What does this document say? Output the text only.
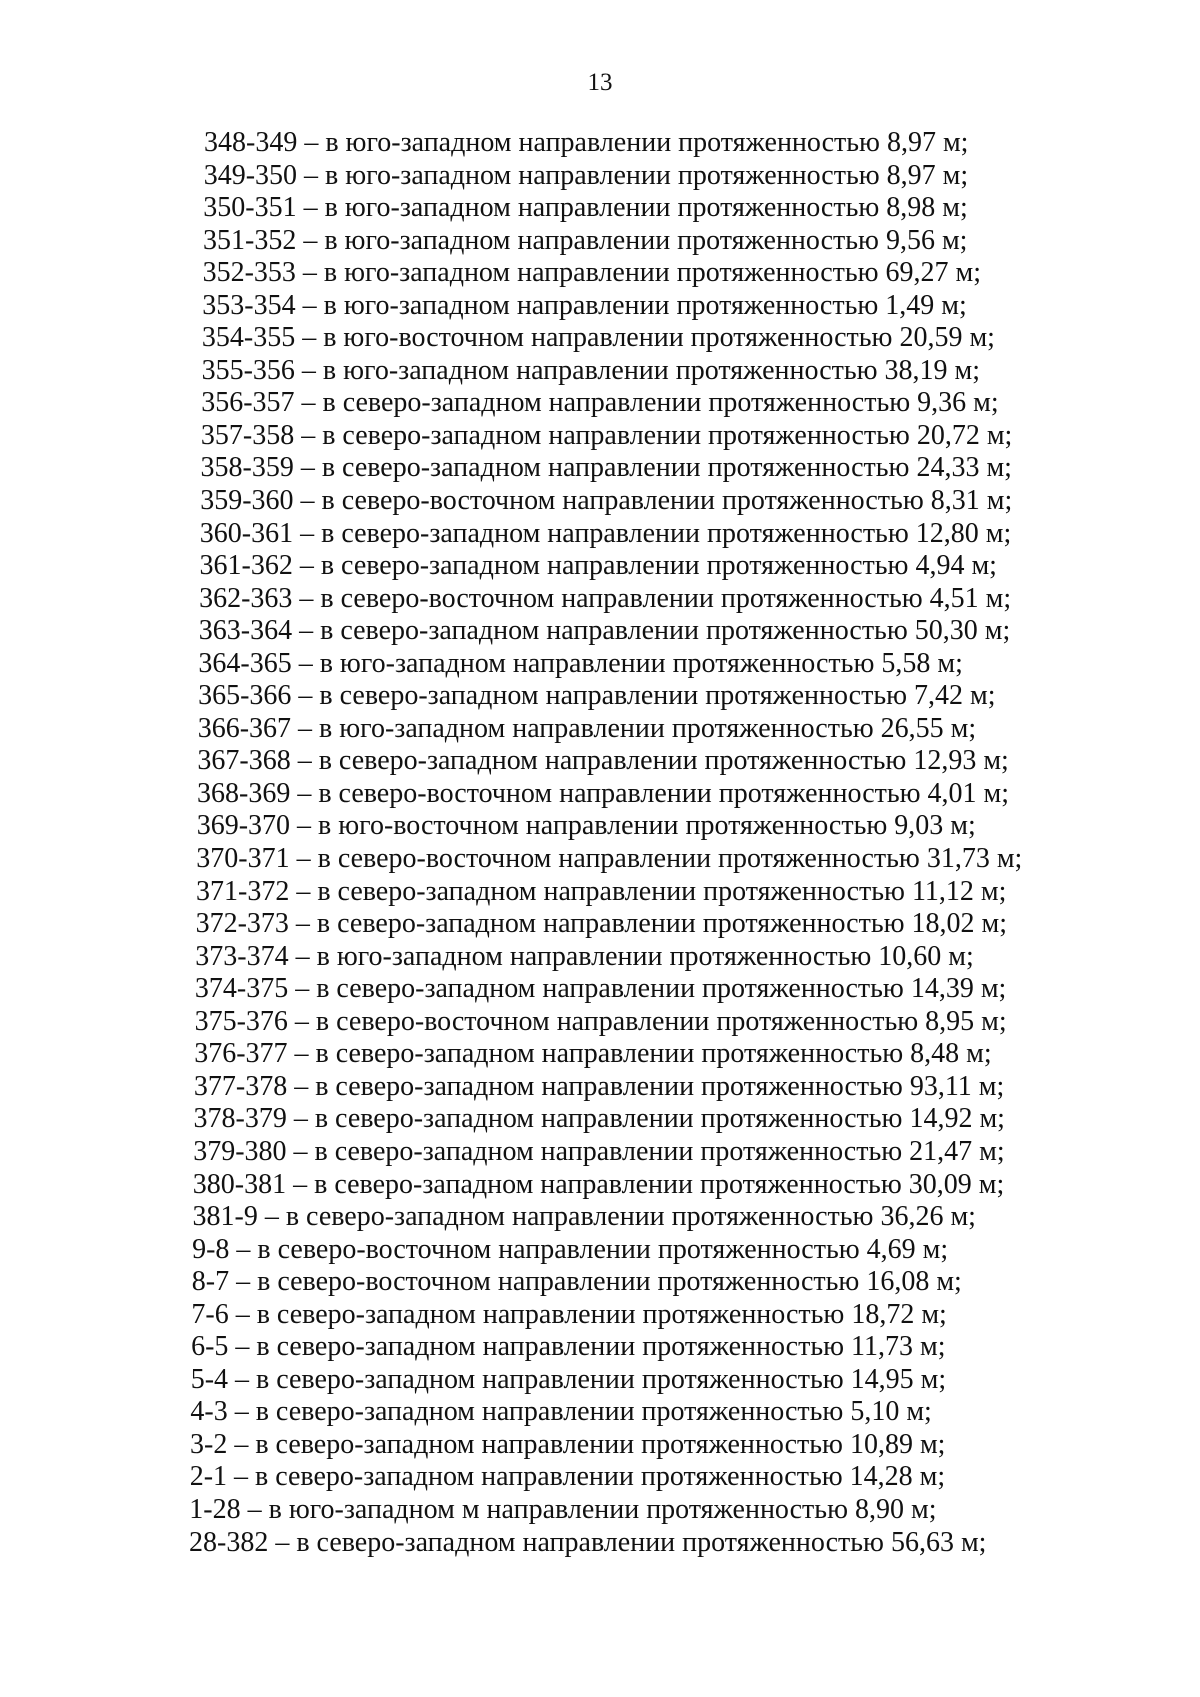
13
348-349 – в юго-западном направлении протяженностью 8,97 м;
349-350 – в юго-западном направлении протяженностью 8,97 м;
350-351 – в юго-западном направлении протяженностью 8,98 м;
351-352 – в юго-западном направлении протяженностью 9,56 м;
352-353 – в юго-западном направлении протяженностью 69,27 м;
353-354 – в юго-западном направлении протяженностью 1,49 м;
354-355 – в юго-восточном направлении протяженностью 20,59 м;
355-356 – в юго-западном направлении протяженностью 38,19 м;
356-357 – в северо-западном направлении протяженностью 9,36 м;
357-358 – в северо-западном направлении протяженностью 20,72 м;
358-359 – в северо-западном направлении протяженностью 24,33 м;
359-360 – в северо-восточном направлении протяженностью 8,31 м;
360-361 – в северо-западном направлении протяженностью 12,80 м;
361-362 – в северо-западном направлении протяженностью 4,94 м;
362-363 – в северо-восточном направлении протяженностью 4,51 м;
363-364 – в северо-западном направлении протяженностью 50,30 м;
364-365 – в юго-западном направлении протяженностью 5,58 м;
365-366 – в северо-западном направлении протяженностью 7,42 м;
366-367 – в юго-западном направлении протяженностью 26,55 м;
367-368 – в северо-западном направлении протяженностью 12,93 м;
368-369 – в северо-восточном направлении протяженностью 4,01 м;
369-370 – в юго-восточном направлении протяженностью 9,03 м;
370-371 – в северо-восточном направлении протяженностью 31,73 м;
371-372 – в северо-западном направлении протяженностью 11,12 м;
372-373 – в северо-западном направлении протяженностью 18,02 м;
373-374 – в юго-западном направлении протяженностью 10,60 м;
374-375 – в северо-западном направлении протяженностью 14,39 м;
375-376 – в северо-восточном направлении протяженностью 8,95 м;
376-377 – в северо-западном направлении протяженностью 8,48 м;
377-378 – в северо-западном направлении протяженностью 93,11 м;
378-379 – в северо-западном направлении протяженностью 14,92 м;
379-380 – в северо-западном направлении протяженностью 21,47 м;
380-381 – в северо-западном направлении протяженностью 30,09 м;
381-9 – в северо-западном направлении протяженностью 36,26 м;
9-8 – в северо-восточном направлении протяженностью 4,69 м;
8-7 – в северо-восточном направлении протяженностью 16,08 м;
7-6 – в северо-западном направлении протяженностью 18,72 м;
6-5 – в северо-западном направлении протяженностью 11,73 м;
5-4 – в северо-западном направлении протяженностью 14,95 м;
4-3 – в северо-западном направлении протяженностью 5,10 м;
3-2 – в северо-западном направлении протяженностью 10,89 м;
2-1 – в северо-западном направлении протяженностью 14,28 м;
1-28 – в юго-западном м направлении протяженностью 8,90 м;
28-382 – в северо-западном направлении протяженностью 56,63 м;
